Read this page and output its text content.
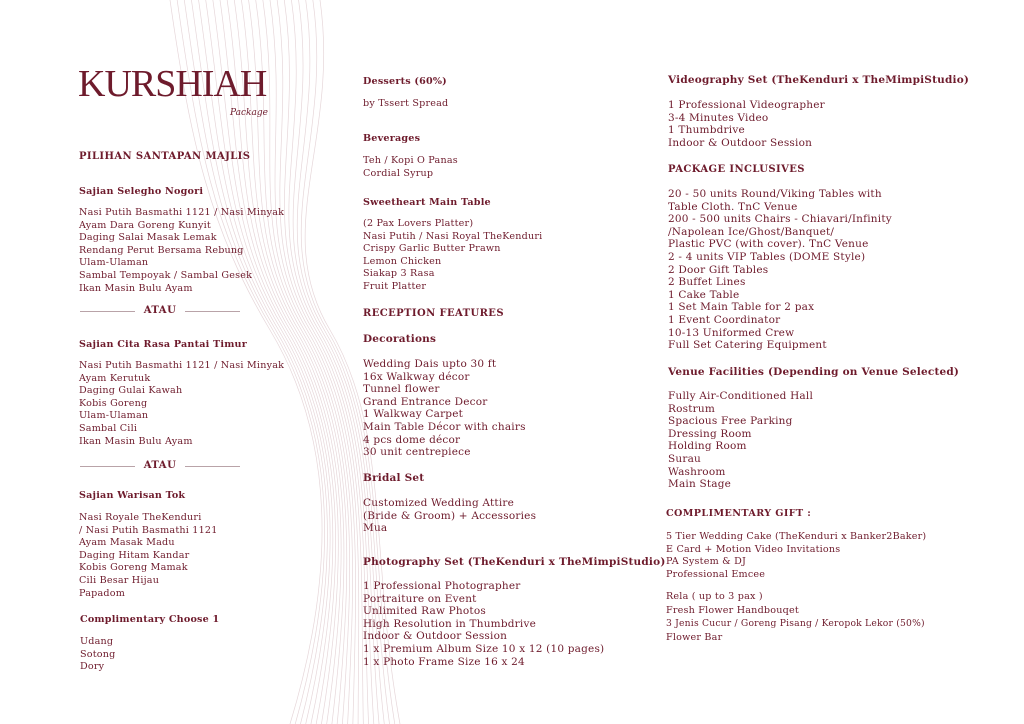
KURSHIAH
Package
PILIHAN SANTAPAN MAJLIS
Sajian Selegho Nogori
Nasi Putih Basmathi 1121 / Nasi Minyak
Ayam Dara Goreng Kunyit
Daging Salai Masak Lemak
Rendang Perut Bersama Rebung
Ulam-Ulaman
Sambal Tempoyak / Sambal Gesek
Ikan Masin Bulu Ayam
ATAU
Sajian Cita Rasa Pantai Timur
Nasi Putih Basmathi 1121 / Nasi Minyak
Ayam Kerutuk
Daging Gulai Kawah
Kobis Goreng
Ulam-Ulaman
Sambal Cili
Ikan Masin Bulu Ayam
ATAU
Sajian Warisan Tok
Nasi Royale TheKenduri
/ Nasi Putih Basmathi 1121
Ayam Masak Madu
Daging Hitam Kandar
Kobis Goreng Mamak
Cili Besar Hijau
Papadom
Complimentary Choose 1
Udang
Sotong
Dory
Desserts (60%)
by Tssert Spread
Beverages
Teh / Kopi O Panas
Cordial Syrup
Sweetheart Main Table
(2 Pax Lovers Platter)
Nasi Putih / Nasi Royal TheKenduri
Crispy Garlic Butter Prawn
Lemon Chicken
Siakap 3 Rasa
Fruit Platter
RECEPTION FEATURES
Decorations
Wedding Dais upto 30 ft
16x Walkway décor
Tunnel flower
Grand Entrance Decor
1 Walkway Carpet
Main Table Décor with chairs
4 pcs dome décor
30 unit centrepiece
Bridal Set
Customized Wedding Attire
(Bride & Groom) + Accessories
Mua
Photography Set (TheKenduri x TheMimpiStudio)
1 Professional Photographer
Portraiture on Event
Unlimited Raw Photos
High Resolution in Thumbdrive
Indoor & Outdoor Session
1 x Premium Album Size 10 x 12 (10 pages)
1 x Photo Frame Size 16 x 24
Videography Set (TheKenduri x TheMimpiStudio)
1 Professional Videographer
3-4 Minutes Video
1 Thumbdrive
Indoor & Outdoor Session
PACKAGE INCLUSIVES
20 - 50 units Round/Viking Tables with
Table Cloth. TnC Venue
200 - 500 units Chairs - Chiavari/Infinity
/Napolean Ice/Ghost/Banquet/
Plastic PVC (with cover). TnC Venue
2 - 4 units VIP Tables (DOME Style)
2 Door Gift Tables
2 Buffet Lines
1 Cake Table
1 Set Main Table for 2 pax
1 Event Coordinator
10-13 Uniformed Crew
Full Set Catering Equipment
Venue Facilities (Depending on Venue Selected)
Fully Air-Conditioned Hall
Rostrum
Spacious Free Parking
Dressing Room
Holding Room
Surau
Washroom
Main Stage
COMPLIMENTARY GIFT :
5 Tier Wedding Cake (TheKenduri x Banker2Baker)
E Card + Motion Video Invitations
PA System & DJ
Professional Emcee
Rela ( up to 3 pax )
Fresh Flower Handbouqet
3 Jenis Cucur / Goreng Pisang / Keropok Lekor (50%)
Flower Bar
